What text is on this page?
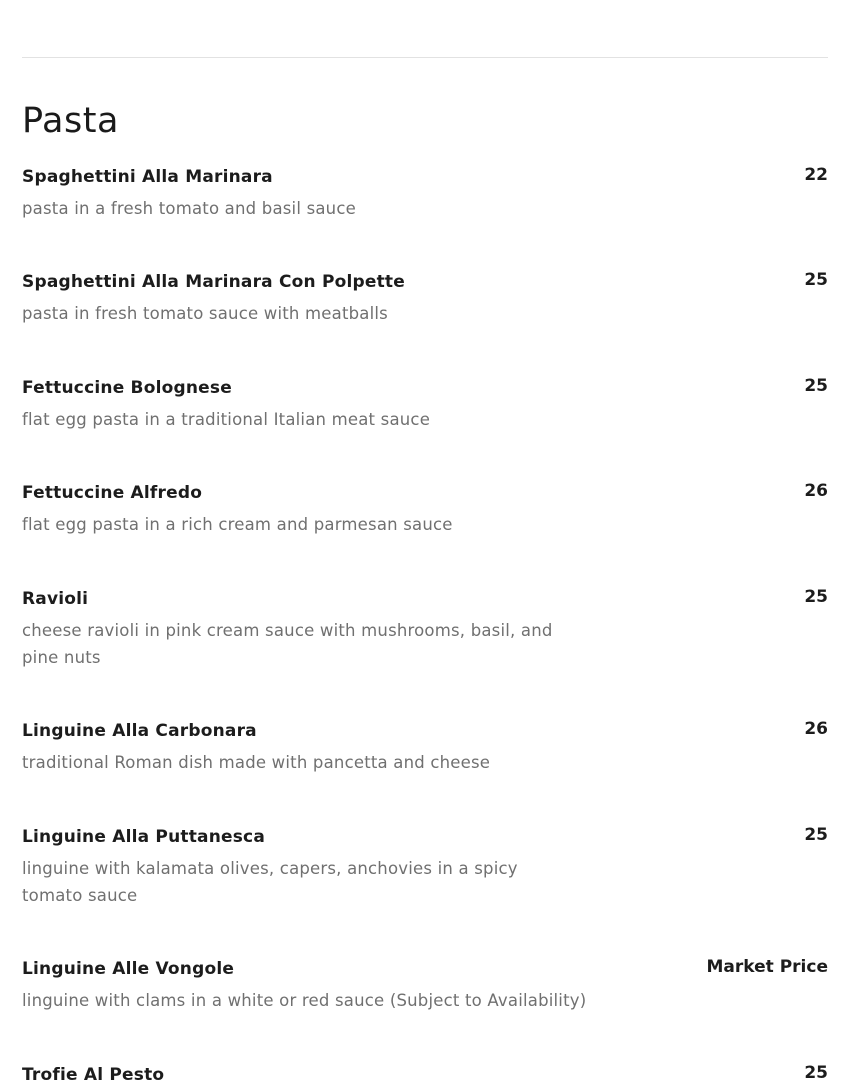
Pasta
Spaghettini Alla Marinara	22
pasta in a fresh tomato and basil sauce
Spaghettini Alla Marinara Con Polpette	25
pasta in fresh tomato sauce with meatballs
Fettuccine Bolognese	25
flat egg pasta in a traditional Italian meat sauce
Fettuccine Alfredo	26
flat egg pasta in a rich cream and parmesan sauce
Ravioli	25
cheese ravioli in pink cream sauce with mushrooms, basil, and pine nuts
Linguine Alla Carbonara	26
traditional Roman dish made with pancetta and cheese
Linguine Alla Puttanesca	25
linguine with kalamata olives, capers, anchovies in a spicy tomato sauce
Linguine Alle Vongole	Market Price
linguine with clams in a white or red sauce (Subject to Availability)
Trofie Al Pesto	25
